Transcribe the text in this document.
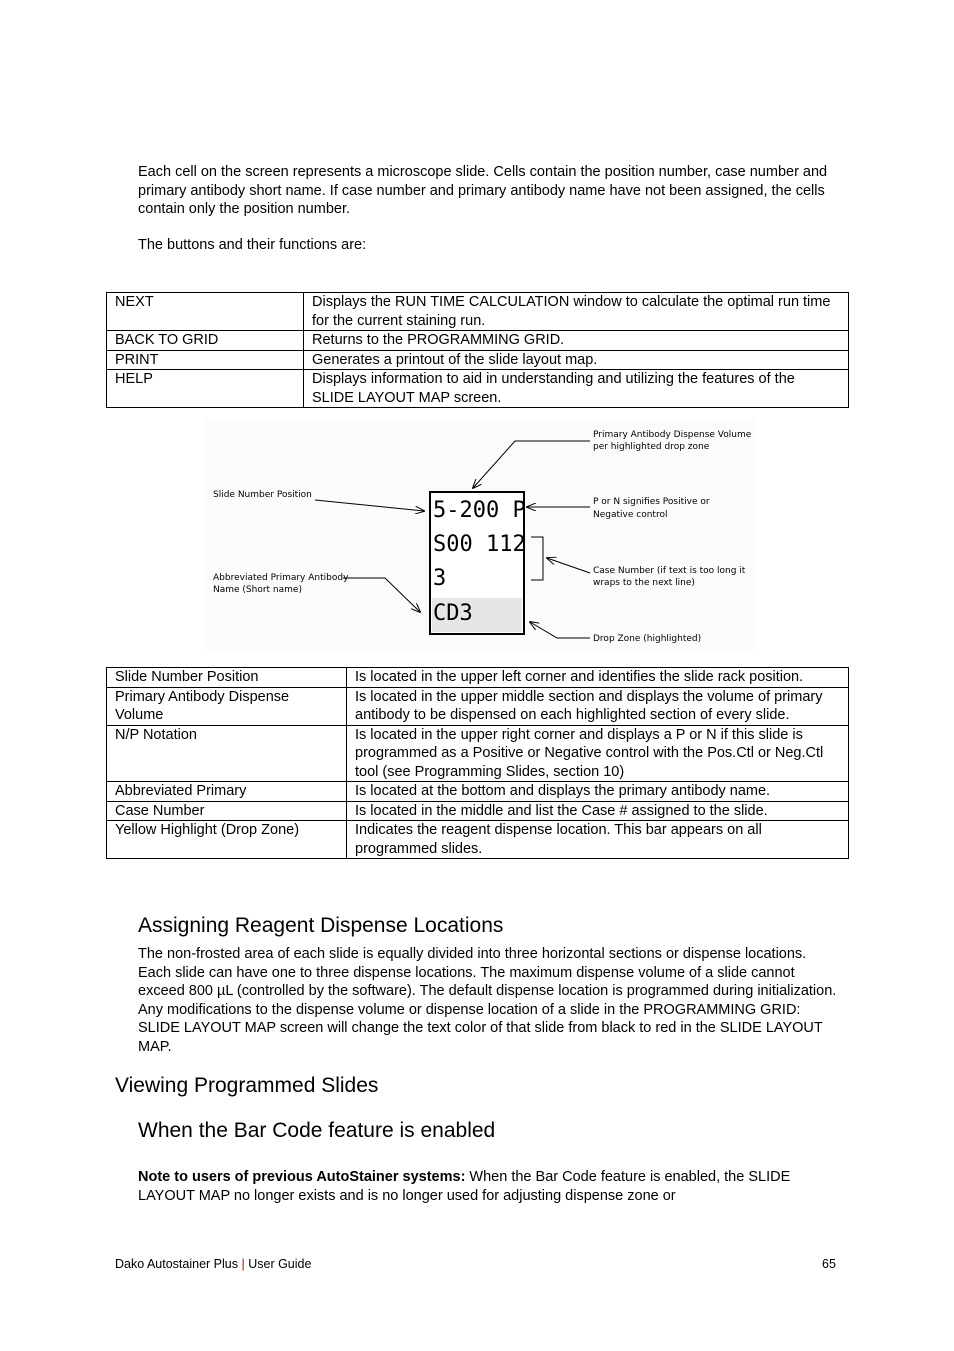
Each cell on the screen represents a microscope slide. Cells contain the position number, case number and primary antibody short name. If case number and primary antibody name have not been assigned, the cells contain only the position number.

The buttons and their functions are:

NEXT	Displays the RUN TIME CALCULATION window to calculate the optimal run time for the current staining run.
BACK TO GRID	Returns to the PROGRAMMING GRID.
PRINT	Generates a printout of the slide layout map.
HELP	Displays information to aid in understanding and utilizing the features of the SLIDE LAYOUT MAP screen.
5-200 P
S00 112
3
CD3
Primary Antibody Dispense Volume
per highlighted drop zone
Slide Number Position
P or N signifies Positive or
Negative control
Case Number (if text is too long it
wraps to the next line)
Abbreviated Primary Antibody
Name (Short name)
Drop Zone (highlighted)
Slide Number Position	Is located in the upper left corner and identifies the slide rack position.
Primary Antibody Dispense Volume	Is located in the upper middle section and displays the volume of primary antibody to be dispensed on each highlighted section of every slide.
N/P Notation	Is located in the upper right corner and displays a P or N if this slide is programmed as a Positive or Negative control with the Pos.Ctl or Neg.Ctl tool (see Programming Slides, section 10)
Abbreviated Primary	Is located at the bottom and displays the primary antibody name.
Case Number	Is located in the middle and list the Case # assigned to the slide.
Yellow Highlight (Drop Zone)	Indicates the reagent dispense location. This bar appears on all programmed slides.
Assigning Reagent Dispense Locations

The non-frosted area of each slide is equally divided into three horizontal sections or dispense locations. Each slide can have one to three dispense locations. The maximum dispense volume of a slide cannot exceed 800 µL (controlled by the software). The default dispense location is programmed during initialization. Any modifications to the dispense volume or dispense location of a slide in the PROGRAMMING GRID: SLIDE LAYOUT MAP screen will change the text color of that slide from black to red in the SLIDE LAYOUT MAP.

Viewing Programmed Slides
When the Bar Code feature is enabled

Note to users of previous AutoStainer systems: When the Bar Code feature is enabled, the SLIDE LAYOUT MAP no longer exists and is no longer used for adjusting dispense zone or

Dako Autostainer Plus | User Guide	65
